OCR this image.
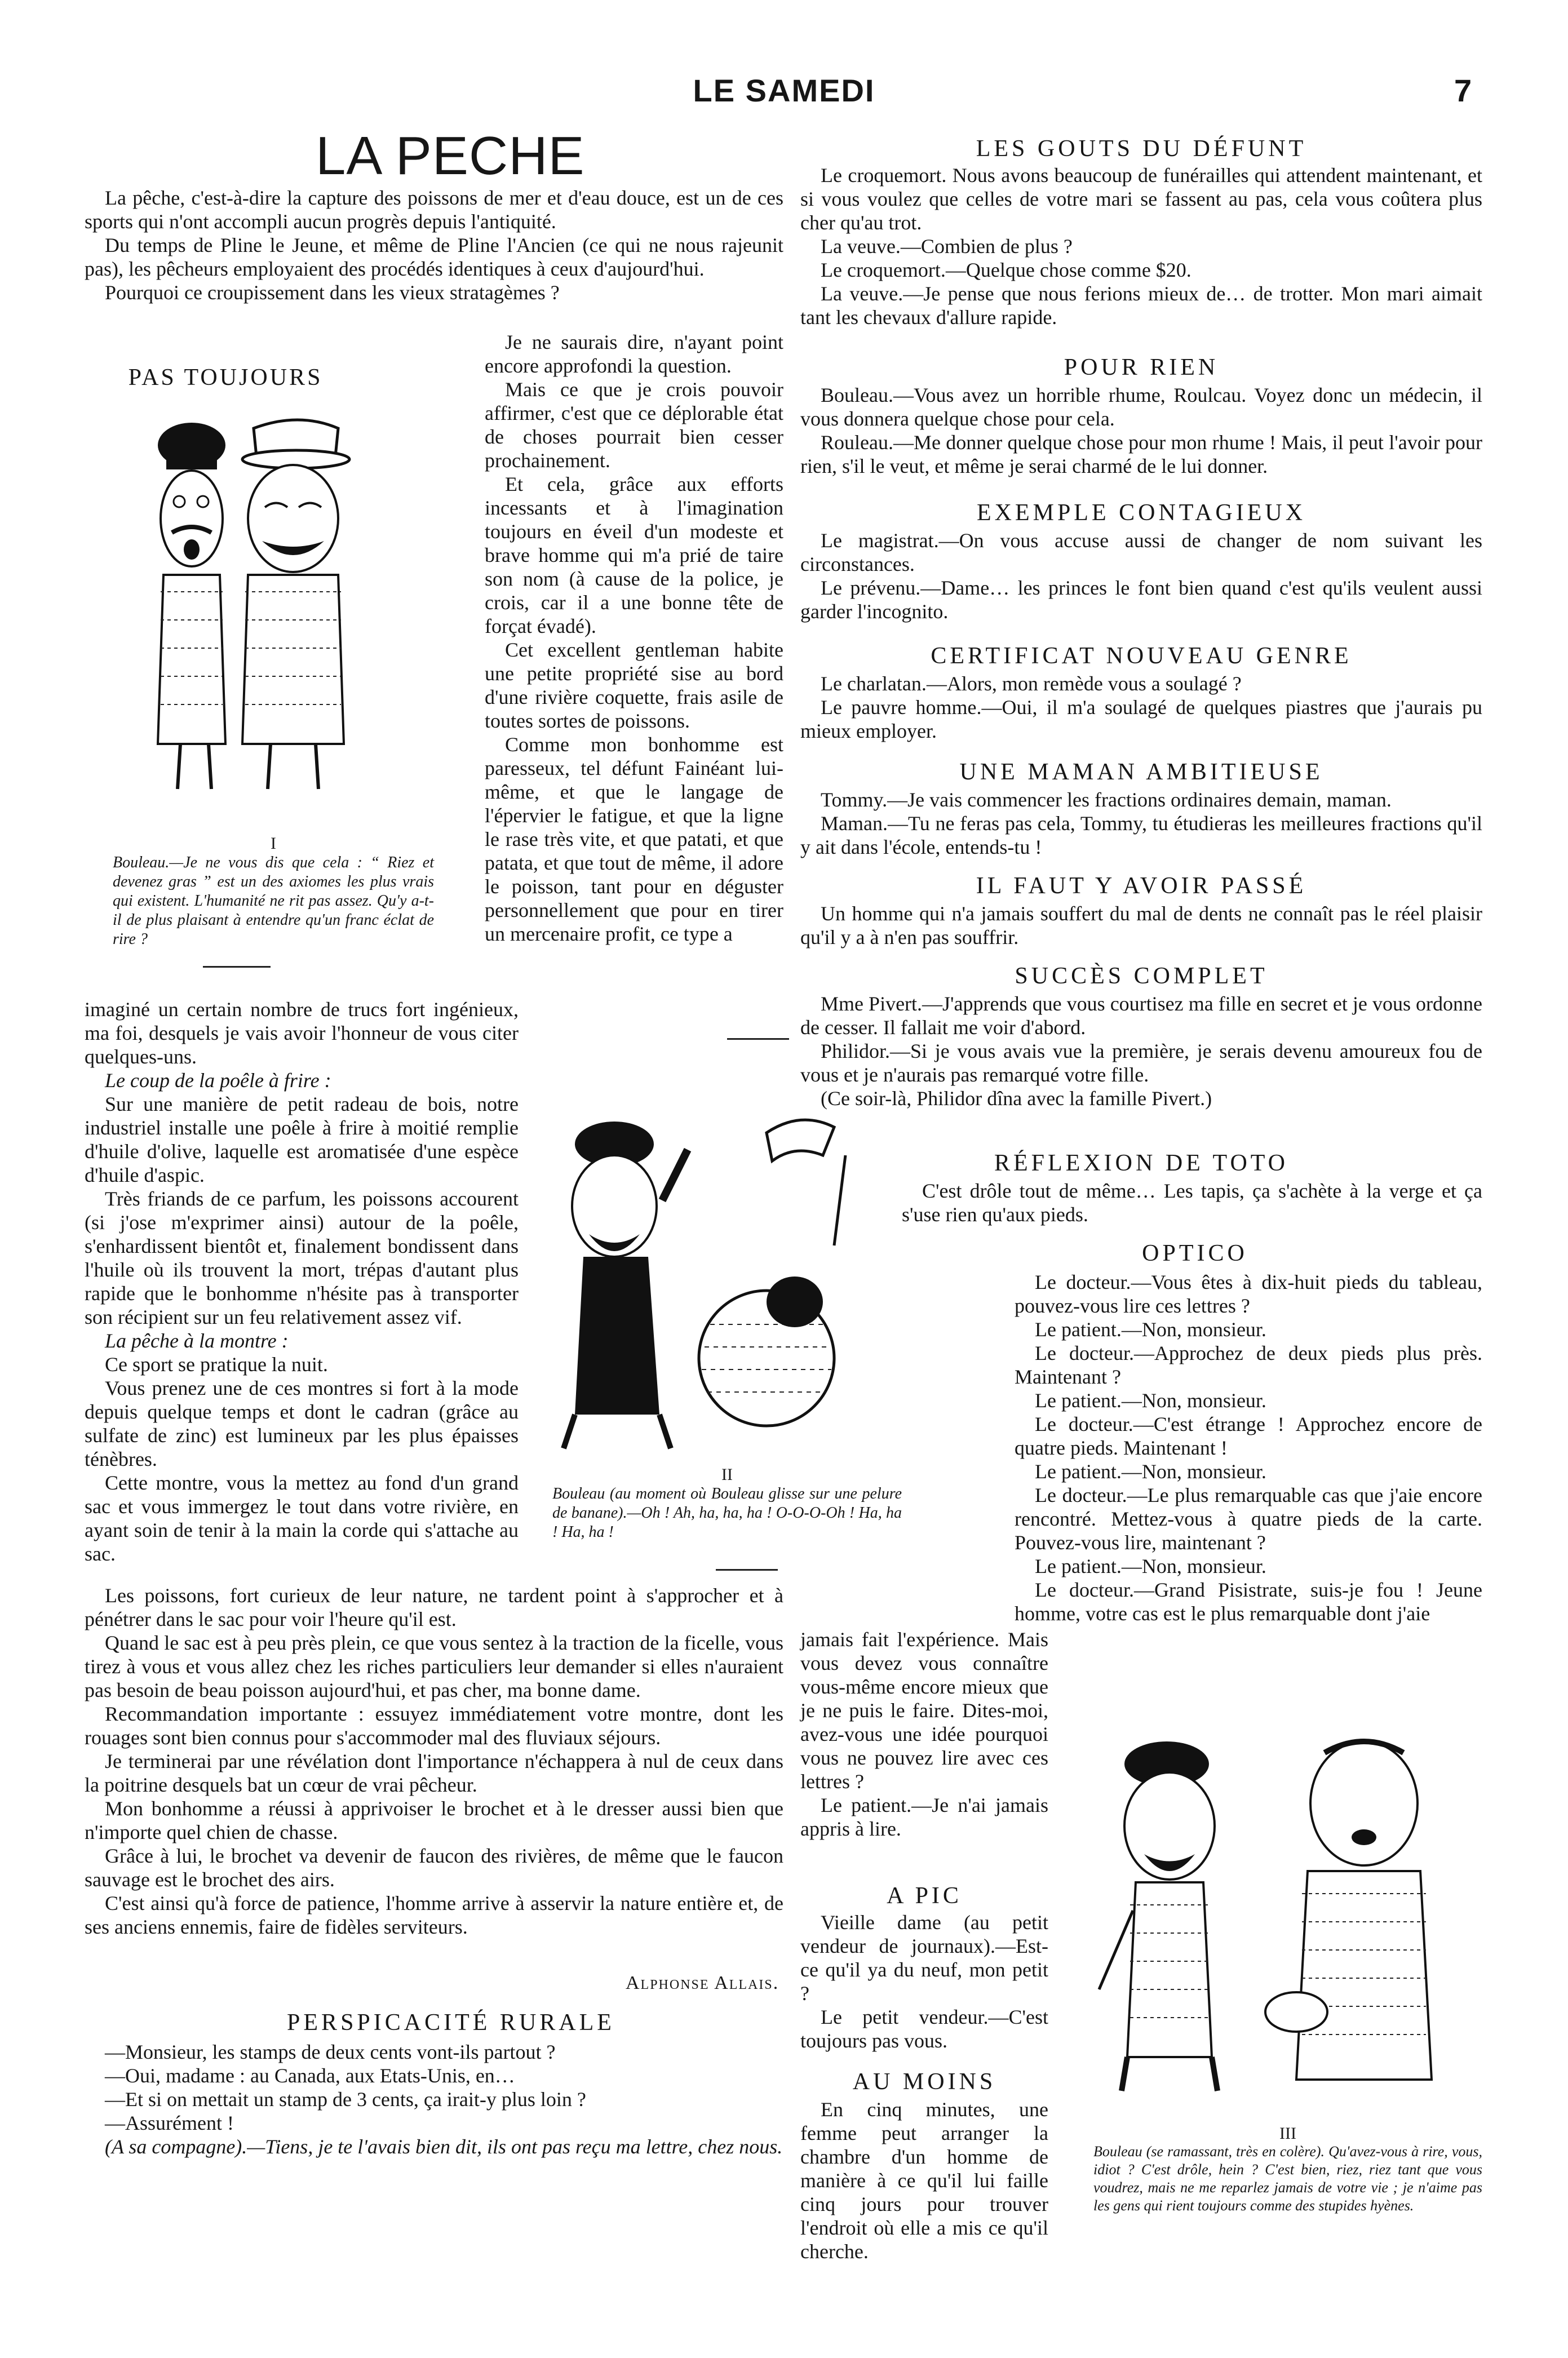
LE SAMEDI	7
LA PECHE

La pêche, c'est-à-dire la capture des poissons de mer et d'eau douce, est un de ces sports qui n'ont accompli aucun progrès depuis l'antiquité.

Du temps de Pline le Jeune, et même de Pline l'Ancien (ce qui ne nous rajeunit pas), les pêcheurs employaient des procédés identiques à ceux d'aujourd'hui.

Pourquoi ce croupissement dans les vieux stratagèmes ?

PAS TOUJOURS
I
Bouleau.—Je ne vous dis que cela : “ Riez et devenez gras ” est un des axiomes les plus vrais qui existent. L'humanité ne rit pas assez. Qu'y a-t-il de plus plaisant à entendre qu'un franc éclat de rire ?

Je ne saurais dire, n'ayant point encore approfondi la question.

Mais ce que je crois pouvoir affirmer, c'est que ce déplorable état de choses pourrait bien cesser prochainement.

Et cela, grâce aux efforts incessants et à l'imagination toujours en éveil d'un modeste et brave homme qui m'a prié de taire son nom (à cause de la police, je crois, car il a une bonne tête de forçat évadé).

Cet excellent gentleman habite une petite propriété sise au bord d'une rivière coquette, frais asile de toutes sortes de poissons.

Comme mon bonhomme est paresseux, tel défunt Fainéant lui-même, et que le langage de l'épervier le fatigue, et que la ligne le rase très vite, et que patati, et que patata, et que tout de même, il adore le poisson, tant pour en déguster personnellement que pour en tirer un mercenaire profit, ce type a

imaginé un certain nombre de trucs fort ingénieux, ma foi, desquels je vais avoir l'honneur de vous citer quelques-uns.

Le coup de la poêle à frire :

Sur une manière de petit radeau de bois, notre industriel installe une poêle à frire à moitié remplie d'huile d'olive, laquelle est aromatisée d'une espèce d'huile d'aspic.

Très friands de ce parfum, les poissons accourent (si j'ose m'exprimer ainsi) autour de la poêle, s'enhardissent bientôt et, finalement bondissent dans l'huile où ils trouvent la mort, trépas d'autant plus rapide que le bonhomme n'hésite pas à transporter son récipient sur un feu relativement assez vif.

La pêche à la montre :

Ce sport se pratique la nuit.

Vous prenez une de ces montres si fort à la mode depuis quelque temps et dont le cadran (grâce au sulfate de zinc) est lumineux par les plus épaisses ténèbres.

Cette montre, vous la mettez au fond d'un grand sac et vous immergez le tout dans votre rivière, en ayant soin de tenir à la main la corde qui s'attache au sac.

II
Bouleau (au moment où Bouleau glisse sur une pelure de banane).—Oh ! Ah, ha, ha, ha ! O-O-O-Oh ! Ha, ha ! Ha, ha !

Les poissons, fort curieux de leur nature, ne tardent point à s'approcher et à pénétrer dans le sac pour voir l'heure qu'il est.

Quand le sac est à peu près plein, ce que vous sentez à la traction de la ficelle, vous tirez à vous et vous allez chez les riches particuliers leur demander si elles n'auraient pas besoin de beau poisson aujourd'hui, et pas cher, ma bonne dame.

Recommandation importante : essuyez immédiatement votre montre, dont les rouages sont bien connus pour s'accommoder mal des fluviaux séjours.

Je terminerai par une révélation dont l'importance n'échappera à nul de ceux dans la poitrine desquels bat un cœur de vrai pêcheur.

Mon bonhomme a réussi à apprivoiser le brochet et à le dresser aussi bien que n'importe quel chien de chasse.

Grâce à lui, le brochet va devenir de faucon des rivières, de même que le faucon sauvage est le brochet des airs.

C'est ainsi qu'à force de patience, l'homme arrive à asservir la nature entière et, de ses anciens ennemis, faire de fidèles serviteurs.

Alphonse Allais.
PERSPICACITÉ RURALE

—Monsieur, les stamps de deux cents vont-ils partout ?

—Oui, madame : au Canada, aux Etats-Unis, en…

—Et si on mettait un stamp de 3 cents, ça irait-y plus loin ?

—Assurément !

(A sa compagne).—Tiens, je te l'avais bien dit, ils ont pas reçu ma lettre, chez nous.

LES GOUTS DU DÉFUNT

Le croquemort. Nous avons beaucoup de funérailles qui attendent maintenant, et si vous voulez que celles de votre mari se fassent au pas, cela vous coûtera plus cher qu'au trot.

La veuve.—Combien de plus ?

Le croquemort.—Quelque chose comme $20.

La veuve.—Je pense que nous ferions mieux de… de trotter. Mon mari aimait tant les chevaux d'allure rapide.

POUR RIEN

Bouleau.—Vous avez un horrible rhume, Roulcau. Voyez donc un médecin, il vous donnera quelque chose pour cela.

Rouleau.—Me donner quelque chose pour mon rhume ! Mais, il peut l'avoir pour rien, s'il le veut, et même je serai charmé de le lui donner.

EXEMPLE CONTAGIEUX

Le magistrat.—On vous accuse aussi de changer de nom suivant les circonstances.

Le prévenu.—Dame… les princes le font bien quand c'est qu'ils veulent aussi garder l'incognito.

CERTIFICAT NOUVEAU GENRE

Le charlatan.—Alors, mon remède vous a soulagé ?

Le pauvre homme.—Oui, il m'a soulagé de quelques piastres que j'aurais pu mieux employer.

UNE MAMAN AMBITIEUSE

Tommy.—Je vais commencer les fractions ordinaires demain, maman.

Maman.—Tu ne feras pas cela, Tommy, tu étudieras les meilleures fractions qu'il y ait dans l'école, entends-tu !

IL FAUT Y AVOIR PASSÉ

Un homme qui n'a jamais souffert du mal de dents ne connaît pas le réel plaisir qu'il y a à n'en pas souffrir.

SUCCÈS COMPLET

Mme Pivert.—J'apprends que vous courtisez ma fille en secret et je vous ordonne de cesser. Il fallait me voir d'abord.

Philidor.—Si je vous avais vue la première, je serais devenu amoureux fou de vous et je n'aurais pas remarqué votre fille.

(Ce soir-là, Philidor dîna avec la famille Pivert.)

RÉFLEXION DE TOTO

C'est drôle tout de même… Les tapis, ça s'achète à la verge et ça s'use rien qu'aux pieds.

OPTICO

Le docteur.—Vous êtes à dix-huit pieds du tableau, pouvez-vous lire ces lettres ?

Le patient.—Non, monsieur.

Le docteur.—Approchez de deux pieds plus près. Maintenant ?

Le patient.—Non, monsieur.

Le docteur.—C'est étrange ! Approchez encore de quatre pieds. Maintenant !

Le patient.—Non, monsieur.

Le docteur.—Le plus remarquable cas que j'aie encore rencontré. Mettez-vous à quatre pieds de la carte. Pouvez-vous lire, maintenant ?

Le patient.—Non, monsieur.

Le docteur.—Grand Pisistrate, suis-je fou ! Jeune homme, votre cas est le plus remarquable dont j'aie

jamais fait l'expérience. Mais vous devez vous connaître vous-même encore mieux que je ne puis le faire. Dites-moi, avez-vous une idée pourquoi vous ne pouvez lire avec ces lettres ?

Le patient.—Je n'ai jamais appris à lire.

A PIC

Vieille dame (au petit vendeur de journaux).—Est-ce qu'il ya du neuf, mon petit ?

Le petit vendeur.—C'est toujours pas vous.

AU MOINS

En cinq minutes, une femme peut arranger la chambre d'un homme de manière à ce qu'il lui faille cinq jours pour trouver l'endroit où elle a mis ce qu'il cherche.

III
Bouleau (se ramassant, très en colère). Qu'avez-vous à rire, vous, idiot ? C'est drôle, hein ? C'est bien, riez, riez tant que vous voudrez, mais ne me reparlez jamais de votre vie ; je n'aime pas les gens qui rient toujours comme des stupides hyènes.
